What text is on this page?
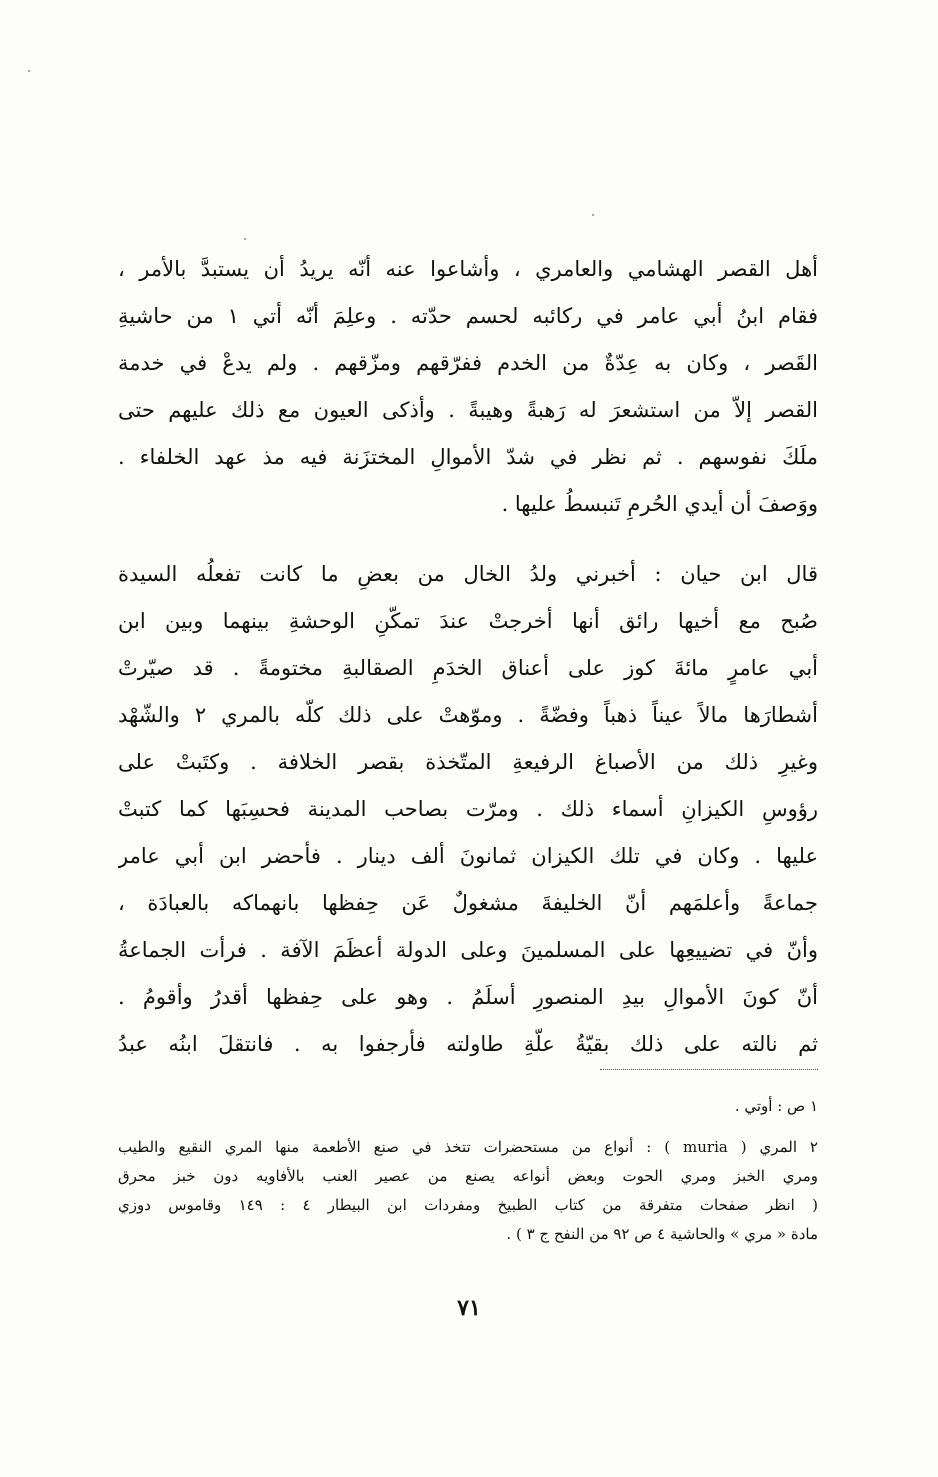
أهل القصر الهشامي والعامري ، وأشاعوا عنه أنّه يريدُ أن يستبدَّ بالأمر ،
فقام ابنُ أبي عامر في ركائبه لحسم حدّته . وعلِمَ أنّه أتي ١ من حاشيةِ
القَصر ، وكان به عِدّةٌ من الخدم ففرّقهم ومزّقهم . ولم يدعْ في خدمة
القصر إلاّ من استشعرَ له رَهبةً وهيبةً . وأذكى العيون مع ذلك عليهم حتى
ملَكَ نفوسهم . ثم نظر في شدّ الأموالِ المختزَنة فيه مذ عهد الخلفاء .
ووَصفَ أن أيدي الحُرمِ تَنبسطُ عليها .
قال ابن حيان : أخبرني ولدُ الخال من بعضِ ما كانت تفعلُه السيدة
صُبح مع أخيها رائق أنها أخرجتْ عندَ تمكّنِ الوحشةِ بينهما وبين ابن
أبي عامرٍ مائةَ كوز على أعناق الخدَمِ الصقالبةِ مختومةً . قد صيّرتْ
أشطارَها مالاً عيناً ذهباً وفضّةً . وموّهتْ على ذلك كلّه بالمري ٢ والشّهْد
وغيرِ ذلك من الأصباغ الرفيعةِ المتّخذة بقصر الخلافة . وكتَبتْ على
رؤوسِ الكيزانِ أسماء ذلك . ومرّت بصاحب المدينة فحسِبَها كما كتبتْ
عليها . وكان في تلك الكيزان ثمانونَ ألف دينار . فأحضر ابن أبي عامر
جماعةً وأعلمَهم أنّ الخليفةَ مشغولٌ عَن حِفظها بانهماكه بالعبادَة ،
وأنّ في تضييعِها على المسلمينَ وعلى الدولة أعظَمَ الآفة . فرأت الجماعةُ
أنّ كونَ الأموالِ بيدِ المنصورِ أسلَمُ . وهو على حِفظها أقدرُ وأقومُ .
ثم نالته على ذلك بقيّةُ علّةِ طاولته فأرجفوا به . فانتقلَ ابنُه عبدُ
١ ص : أوتي .
٢ المري ( muria ) : أنواع من مستحضرات تتخذ في صنع الأطعمة منها المري النقيع والطيب
ومري الخبز ومري الحوت وبعض أنواعه يصنع من عصير العنب بالأفاويه دون خبز محرق
( انظر صفحات متفرقة من كتاب الطبيخ ومفردات ابن البيطار ٤ : ١٤٩ وقاموس دوزي
مادة « مري » والحاشية ٤ ص ٩٢ من النفح ج ٣ ) .
٧١
